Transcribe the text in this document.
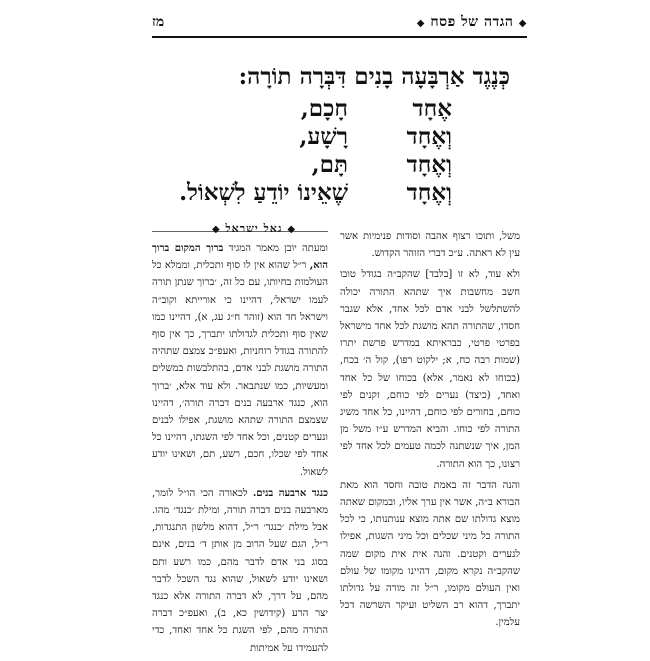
◆ הגדה של פסח ◆
מז
כְּנֶגֶד אַרְבָּעָה בָנִים דִּבְּרָה תוֹרָה:
אֶחָד
חָכָם,
וְאֶחָד
רָשָׁע,
וְאֶחָד
תָּם,
וְאֶחָד
שֶׁאֵינוֹ יוֹדֵעַ לִשְׁאוֹל.
◆ גאל ישראל ◆

משל, ותוכו רצוף אהבה וסודות פנימיות אשר עין לא ראתה. ע״כ דברי הזוהר הקדוש.

ולא עוד, לא זו [בלבד] שהקב״ה בגודל טובו חשב מחשבות איך שתהא התורה יכולה להשתלשל לבני אדם לכל אחד, אלא שגבר חסדו, שהתורה תהא מושגת לכל אחד מישראל בפרטי פרטי, כבראיתא במדרש פרשת יתרו (שמות רבה כח, א; ילקוט רפו), קול ה׳ בכח, (בכוחו לא נאמר, אלא) בכוחו של כל אחד ואחד, (כיצד) נערים לפי כוחם, זקנים לפי כוחם, בחורים לפי כוחם, דהיינו, כל אחד משיג התורה לפי כוחו. והביא המדרש ע״ז משל מן המן, איך שנשתנה לכמה טעמים לכל אחד לפי רצונו, כך הוא התורה.

והנה הדבר זה באמת טובה וחסד הוא מאת הבורא ב״ה, אשר אין ערך אליו, ובמקום שאתה מוצא גדולתו שם אתה מוצא ענותנותו, כי לכל התורה כל מיני שכלים וכל מיני השגות, אפילו לנערים וקטנים. והנה אית אית מקום שמה שהקב״ה נקרא מקום, דהיינו מקומו של עולם ואין העולם מקומו, ר״ל זה מורה על גדולתו יתברך, דהוא רב השליט ועיקר השרשה דכל עלמין.

ומעתה יובן מאמר המגיד ברוך המקום ברוך הוא, ר״ל שהוא אין לו סוף ותכלית, וממלא כל העולמות בחיותו, עם כל זה, ׳ברוך שנתן תורה לעמו ישראל׳, דהיינו כי אורייתא וקוב״ה וישראל חד הוא (זוהר ח״ג עג, א), דהיינו כמו שאין סוף ותכלית לגדולתו יתברך, כך אין סוף להתורה בגודל רוחניות, ואעפ״כ צמצם שתהיה התורה מושגת לבני אדם, בהתלבשות במשלים ומעשיות, כמו שנתבאר. ולא עוד אלא, ׳ברוך הוא, כנגד ארבעה בנים דברה תורה׳, דהיינו שצמצם התורה שתהא מושגת, אפילו לבנים ונערים קטנים, וכל אחד לפי השגתו, דהיינו כל אחד לפי שכלו, חכם, רשע, תם, ושאינו יודע לשאול.

כנגד ארבעה בנים. לכאורה הכי הו״ל לומר, מארבעה בנים דברה תורה, ומילת ׳כנגד׳ מהו. אבל מילת ׳כנגד׳ ר״ל, דהוא מלשון התנגדות, ר״ל, הגם שעל הרוב מן אותן ד׳ בנים, אינם בסוג בני אדם לדבר מהם, כמו רשע ותם ושאינו יודע לשאול, שהוא נגד השכל לדבר מהם, על דרך, לא דברה התורה אלא כנגד יצר הרע (קידושין כא, ב), ואעפ״כ דברה התורה מהם, לפי השגת כל אחד ואחד, כדי להעמידו על אמיתות
